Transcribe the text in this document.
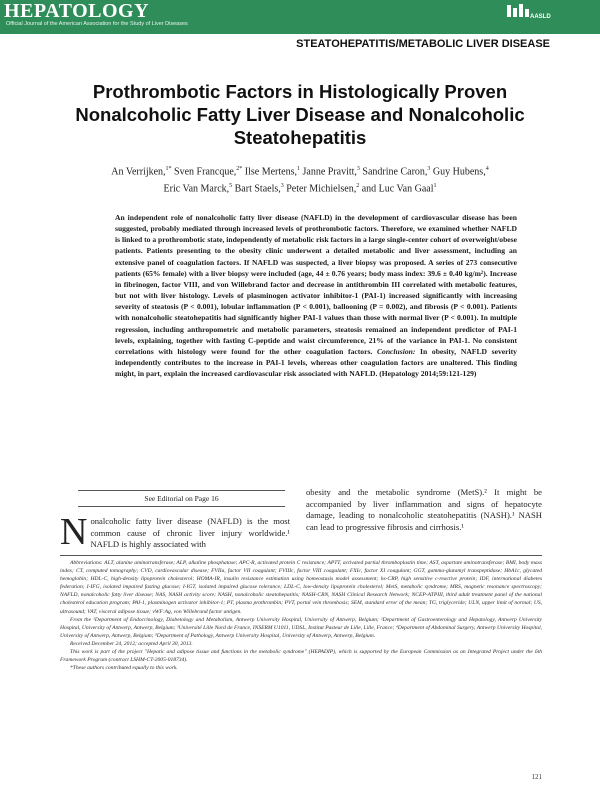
HEPATOLOGY
Official Journal of the American Association for the Study of Liver Diseases
AASLD
STEATOHEPATITIS/METABOLIC LIVER DISEASE
Prothrombotic Factors in Histologically Proven Nonalcoholic Fatty Liver Disease and Nonalcoholic Steatohepatitis
An Verrijken,$^{1*}$ Sven Francque,$^{2*}$ Ilse Mertens,$^1$ Janne Pravitt,$^3$ Sandrine Caron,$^3$ Guy Hubens,$^4$
Eric Van Marck,$^5$ Bart Staels,$^3$ Peter Michielsen,$^2$ and Luc Van Gaal$^1$
An independent role of nonalcoholic fatty liver disease (NAFLD) in the development of cardiovascular disease has been suggested, probably mediated through increased levels of prothrombotic factors. Therefore, we examined whether NAFLD is linked to a prothrombotic state, independently of metabolic risk factors in a large single-center cohort of overweight/obese patients. Patients presenting to the obesity clinic underwent a detailed metabolic and liver assessment, including an extensive panel of coagulation factors. If NAFLD was suspected, a liver biopsy was proposed. A series of 273 consecutive patients (65% female) with a liver biopsy were included (age, 44 ± 0.76 years; body mass index: 39.6 ± 0.40 kg/m²). Increase in fibrinogen, factor VIII, and von Willebrand factor and decrease in antithrombin III correlated with metabolic features, but not with liver histology. Levels of plasminogen activator inhibitor-1 (PAI-1) increased significantly with increasing severity of steatosis (P < 0.001), lobular inflammation (P < 0.001), ballooning (P = 0.002), and fibrosis (P < 0.001). Patients with nonalcoholic steatohepatitis had significantly higher PAI-1 values than those with normal liver (P < 0.001). In multiple regression, including anthropometric and metabolic parameters, steatosis remained an independent predictor of PAI-1 levels, explaining, together with fasting C-peptide and waist circumference, 21% of the variance in PAI-1. No consistent correlations with histology were found for the other coagulation factors. Conclusion: In obesity, NAFLD severity independently contributes to the increase in PAI-1 levels, whereas other coagulation factors are unaltered. This finding might, in part, explain the increased cardiovascular risk associated with NAFLD. (Hepatology 2014;59:121-129)
See Editorial on Page 16
Nonalcoholic fatty liver disease (NAFLD) is the most common cause of chronic liver injury worldwide.¹ NAFLD is highly associated with
obesity and the metabolic syndrome (MetS).² It might be accompanied by liver inflammation and signs of hepatocyte damage, leading to nonalcoholic steatohepatitis (NASH).¹ NASH can lead to progressive fibrosis and cirrhosis.¹

Abbreviations: ALT, alanine aminotransferase; ALP, alkaline phosphatase; APC-R, activated protein C resistance; APTT, activated partial thromboplastin time; AST, aspartate aminotransferase; BMI, body mass index; CT, computed tomography; CVD, cardiovascular disease; FVIIa, factor VII coagulant; FVIIIc, factor VIII coagulant; FXIc, factor XI coagulant; GGT, gamma-glutamyl transpeptidase; HbA1c, glycated hemoglobin; HDL-C, high-density lipoprotein cholesterol; HOMA-IR, insulin resistance estimation using homeostasis model assessment; hs-CRP, high sensitive c-reactive protein; IDF, international diabetes federation; I-IFG, isolated impaired fasting glucose; I-IGT, isolated impaired glucose tolerance; LDL-C, low-density lipoprotein cholesterol; MetS, metabolic syndrome; MRS, magnetic resonance spectroscopy; NAFLD, nonalcoholic fatty liver disease; NAS, NASH activity score; NASH, nonalcoholic steatohepatitis; NASH-CRN, NASH Clinical Research Network; NCEP-ATPIII, third adult treatment panel of the national cholesterol education program; PAI-1, plasminogen activator inhibitor-1; PT, plasma prothrombin; PVT, portal vein thrombosis; SEM, standard error of the mean; TG, triglyceride; ULN, upper limit of normal; US, ultrasound; VAT, visceral adipose tissue; vWF:Ag, von Willebrand factor antigen.

From the ¹Department of Endocrinology, Diabetology and Metabolism, Antwerp University Hospital, University of Antwerp, Belgium; ²Department of Gastroenterology and Hepatology, Antwerp University Hospital, University of Antwerp, Antwerp, Belgium; ³Université Lille Nord de France, INSERM U1011, UDSL, Institut Pasteur de Lille, Lille, France; ⁴Department of Abdominal Surgery, Antwerp University Hospital, University of Antwerp, Antwerp, Belgium; ⁵Department of Pathology, Antwerp University Hospital, University of Antwerp, Antwerp, Belgium.

Received December 24, 2012; accepted April 30, 2013.

This work is part of the project "Hepatic and adipose tissue and functions in the metabolic syndrome" (HEPADIP), which is supported by the European Commission as an Integrated Project under the 6th Framework Program (contract LSHM-CT-2005-018734).

*These authors contributed equally to this work.

121
